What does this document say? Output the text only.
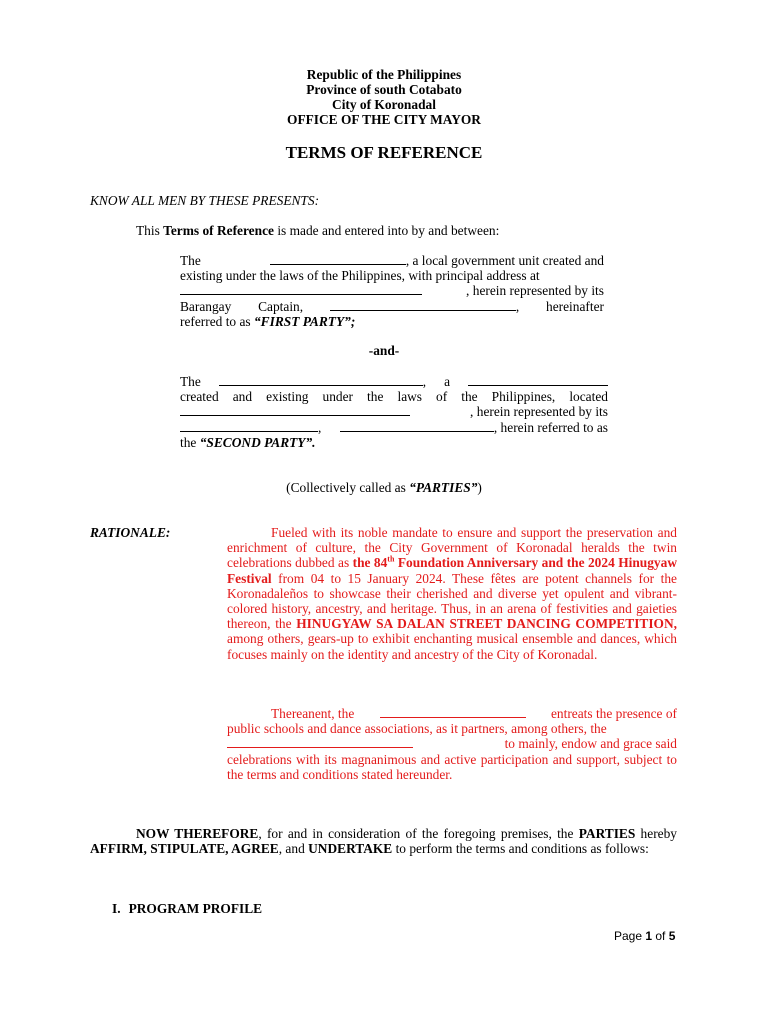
Republic of the Philippines
Province of south Cotabato
City of Koronadal
OFFICE OF THE CITY MAYOR
TERMS OF REFERENCE
KNOW ALL MEN BY THESE PRESENTS:
This Terms of Reference is made and entered into by and between:
The	, a local government unit created and
existing under the laws of the Philippines, with principal address at
, herein represented by its
Barangay Captain,	, hereinafter
referred to as “FIRST PARTY”;
-and-
The	, a
created and existing under the laws of the Philippines, located
, herein represented by its
,	, herein referred to as
the “SECOND PARTY”.
(Collectively called as “PARTIES”)
RATIONALE:	Fueled with its noble mandate to ensure and support the preservation and enrichment of culture, the City Government of Koronadal heralds the twin celebrations dubbed as the 84th Foundation Anniversary and the 2024 Hinugyaw Festival from 04 to 15 January 2024. These fêtes are potent channels for the Koronadaleños to showcase their cherished and diverse yet opulent and vibrant-colored history, ancestry, and heritage. Thus, in an arena of festivities and gaieties thereon, the HINUGYAW SA DALAN STREET DANCING COMPETITION, among others, gears-up to exhibit enchanting musical ensemble and dances, which focuses mainly on the identity and ancestry of the City of Koronadal.
Thereanent, the	entreats the presence of
public schools and dance associations, as it partners, among others, the
to mainly, endow and grace said
celebrations with its magnanimous and active participation and support, subject to the terms and conditions stated hereunder.
NOW THEREFORE, for and in consideration of the foregoing premises, the PARTIES hereby AFFIRM, STIPULATE, AGREE, and UNDERTAKE to perform the terms and conditions as follows:
I. PROGRAM PROFILE
Page 1 of 5
